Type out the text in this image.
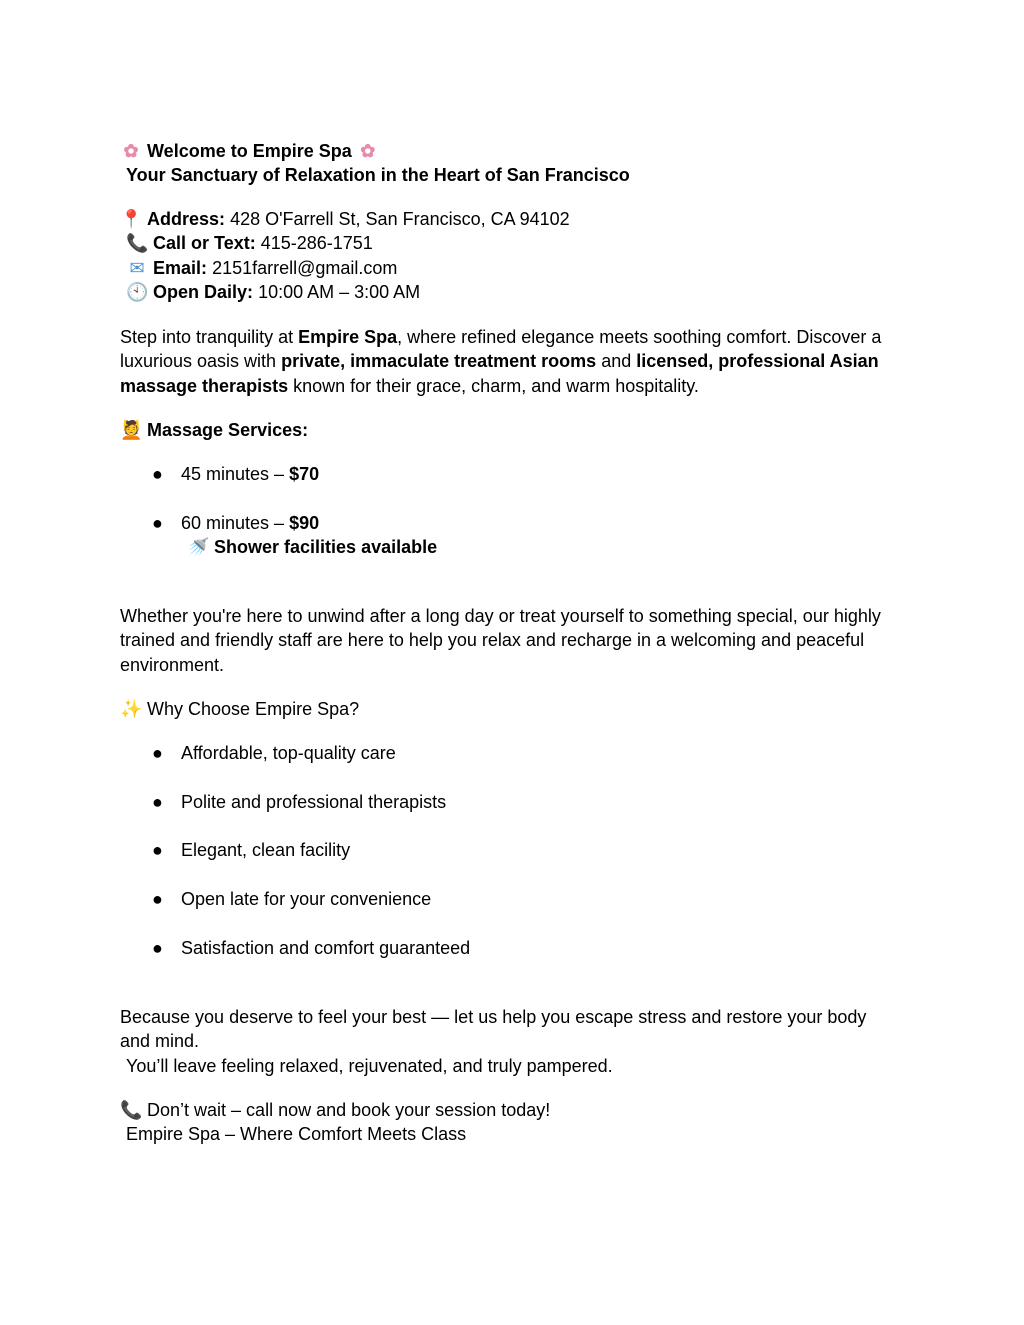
✿ Welcome to Empire Spa ✿
Your Sanctuary of Relaxation in the Heart of San Francisco
📍 Address: 428 O'Farrell St, San Francisco, CA 94102
📞 Call or Text: 415-286-1751
✉ Email: 2151farrell@gmail.com
🕙 Open Daily: 10:00 AM – 3:00 AM
Step into tranquility at Empire Spa, where refined elegance meets soothing comfort. Discover a
luxurious oasis with private, immaculate treatment rooms and licensed, professional Asian
massage therapists known for their grace, charm, and warm hospitality.
💆 Massage Services:
● 45 minutes – $70
● 60 minutes – $90
🚿 Shower facilities available
Whether you're here to unwind after a long day or treat yourself to something special, our highly
trained and friendly staff are here to help you relax and recharge in a welcoming and peaceful
environment.
✨ Why Choose Empire Spa?
● Affordable, top-quality care
● Polite and professional therapists
● Elegant, clean facility
● Open late for your convenience
● Satisfaction and comfort guaranteed
Because you deserve to feel your best — let us help you escape stress and restore your body
and mind.
You’ll leave feeling relaxed, rejuvenated, and truly pampered.
📞 Don’t wait – call now and book your session today!
Empire Spa – Where Comfort Meets Class
